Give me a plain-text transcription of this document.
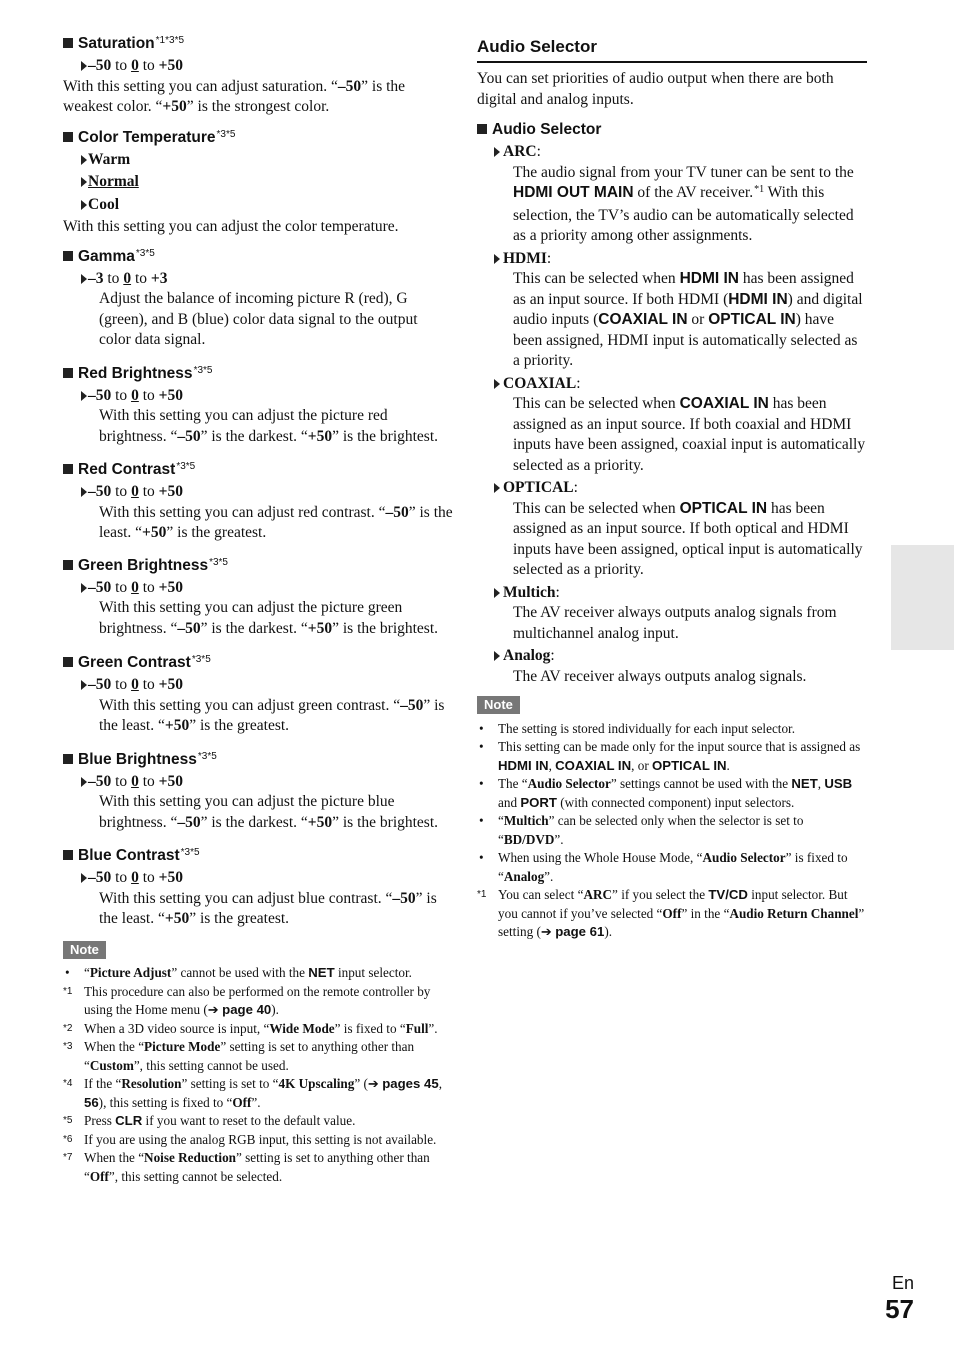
Saturation *1*3*5
–50 to 0 to +50
With this setting you can adjust saturation. “–50” is the weakest color. “+50” is the strongest color.
Color Temperature *3*5
Warm
Normal
Cool
With this setting you can adjust the color temperature.
Gamma *3*5
–3 to 0 to +3
Adjust the balance of incoming picture R (red), G (green), and B (blue) color data signal to the output color data signal.
Red Brightness *3*5
–50 to 0 to +50
With this setting you can adjust the picture red brightness. “–50” is the darkest. “+50” is the brightest.
Red Contrast *3*5
–50 to 0 to +50
With this setting you can adjust red contrast. “–50” is the least. “+50” is the greatest.
Green Brightness *3*5
–50 to 0 to +50
With this setting you can adjust the picture green brightness. “–50” is the darkest. “+50” is the brightest.
Green Contrast *3*5
–50 to 0 to +50
With this setting you can adjust green contrast. “–50” is the least. “+50” is the greatest.
Blue Brightness *3*5
–50 to 0 to +50
With this setting you can adjust the picture blue brightness. “–50” is the darkest. “+50” is the brightest.
Blue Contrast *3*5
–50 to 0 to +50
With this setting you can adjust blue contrast. “–50” is the least. “+50” is the greatest.
Note
• “Picture Adjust” cannot be used with the NET input selector.
*1 This procedure can also be performed on the remote controller by using the Home menu (➔ page 40).
*2 When a 3D video source is input, “Wide Mode” is fixed to “Full”.
*3 When the “Picture Mode” setting is set to anything other than “Custom”, this setting cannot be used.
*4 If the “Resolution” setting is set to “4K Upscaling” (➔ pages 45, 56), this setting is fixed to “Off”.
*5 Press CLR if you want to reset to the default value.
*6 If you are using the analog RGB input, this setting is not available.
*7 When the “Noise Reduction” setting is set to anything other than “Off”, this setting cannot be selected.
Audio Selector
You can set priorities of audio output when there are both digital and analog inputs.
Audio Selector
ARC:
The audio signal from your TV tuner can be sent to the HDMI OUT MAIN of the AV receiver.$^{*1}$ With this selection, the TV’s audio can be automatically selected as a priority among other assignments.
HDMI:
This can be selected when HDMI IN has been assigned as an input source. If both HDMI (HDMI IN) and digital audio inputs (COAXIAL IN or OPTICAL IN) have been assigned, HDMI input is automatically selected as a priority.
COAXIAL:
This can be selected when COAXIAL IN has been assigned as an input source. If both coaxial and HDMI inputs have been assigned, coaxial input is automatically selected as a priority.
OPTICAL:
This can be selected when OPTICAL IN has been assigned as an input source. If both optical and HDMI inputs have been assigned, optical input is automatically selected as a priority.
Multich:
The AV receiver always outputs analog signals from multichannel analog input.
Analog:
The AV receiver always outputs analog signals.
Note
• The setting is stored individually for each input selector.
• This setting can be made only for the input source that is assigned as HDMI IN, COAXIAL IN, or OPTICAL IN.
• The “Audio Selector” settings cannot be used with the NET, USB and PORT (with connected component) input selectors.
• “Multich” can be selected only when the selector is set to “BD/DVD”.
• When using the Whole House Mode, “Audio Selector” is fixed to “Analog”.
*1 You can select “ARC” if you select the TV/CD input selector. But you cannot if you’ve selected “Off” in the “Audio Return Channel” setting (➔ page 61).
En
57
